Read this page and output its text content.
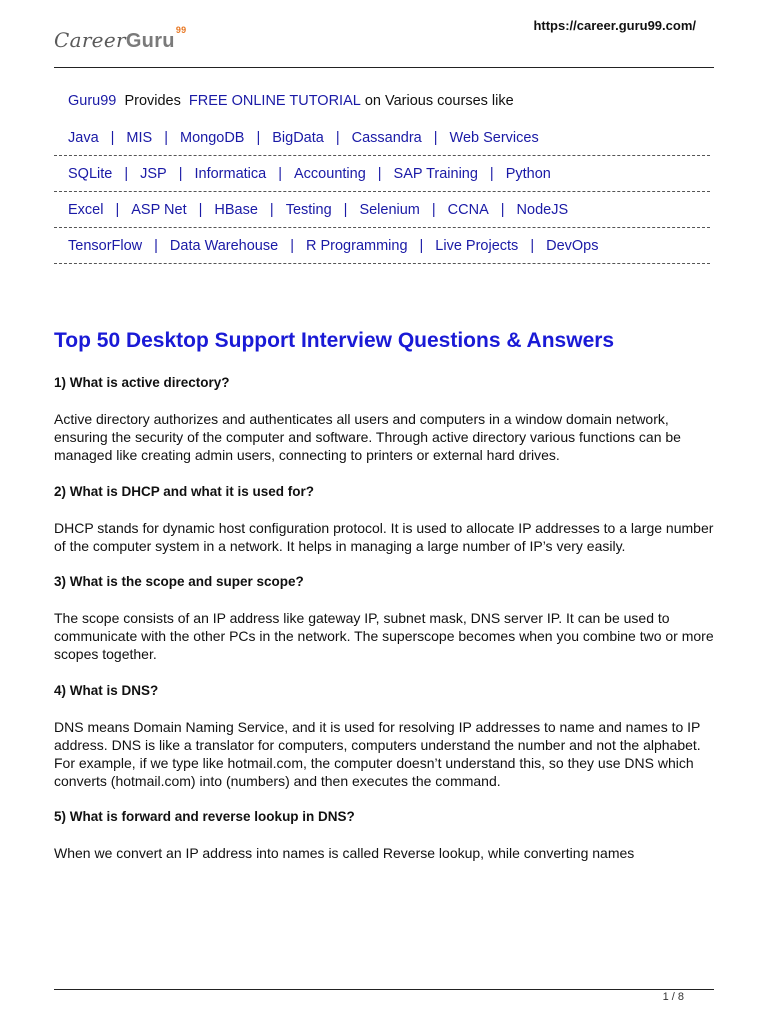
CareerGuru$^{99}$	https://career.guru99.com/
Guru99 Provides FREE ONLINE TUTORIAL on Various courses like
Java | MIS | MongoDB | BigData | Cassandra | Web Services
SQLite | JSP | Informatica | Accounting | SAP Training | Python
Excel | ASP Net | HBase | Testing | Selenium | CCNA | NodeJS
TensorFlow | Data Warehouse | R Programming | Live Projects | DevOps
Top 50 Desktop Support Interview Questions & Answers

1) What is active directory?

Active directory authorizes and authenticates all users and computers in a window domain network, ensuring the security of the computer and software. Through active directory various functions can be managed like creating admin users, connecting to printers or external hard drives.

2) What is DHCP and what it is used for?

DHCP stands for dynamic host configuration protocol. It is used to allocate IP addresses to a large number of the computer system in a network. It helps in managing a large number of IP’s very easily.

3) What is the scope and super scope?

The scope consists of an IP address like gateway IP, subnet mask, DNS server IP. It can be used to communicate with the other PCs in the network. The superscope becomes when you combine two or more scopes together.

4) What is DNS?

DNS means Domain Naming Service, and it is used for resolving IP addresses to name and names to IP address. DNS is like a translator for computers, computers understand the number and not the alphabet. For example, if we type like hotmail.com, the computer doesn’t understand this, so they use DNS which converts (hotmail.com) into (numbers) and then executes the command.

5) What is forward and reverse lookup in DNS?

When we convert an IP address into names is called Reverse lookup, while converting names

1 / 8
